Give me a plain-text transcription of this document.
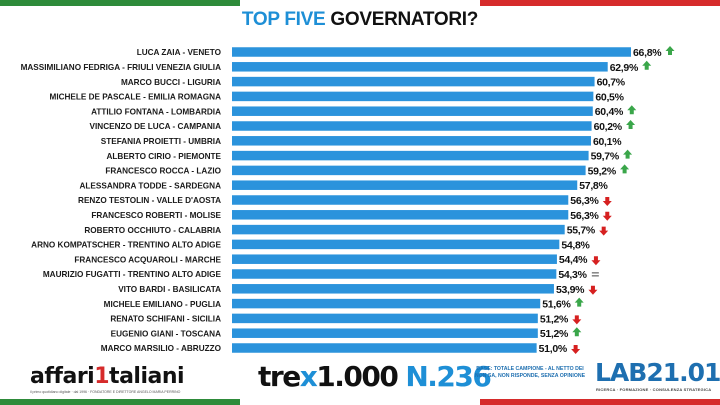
TOP FIVE GOVERNATORI?
LUCA ZAIA - VENETO	66,8%
MASSIMILIANO FEDRIGA - FRIULI VENEZIA GIULIA	62,9%
MARCO BUCCI - LIGURIA	60,7%
MICHELE DE PASCALE - EMILIA ROMAGNA	60,5%
ATTILIO FONTANA - LOMBARDIA	60,4%
VINCENZO DE LUCA - CAMPANIA	60,2%
STEFANIA PROIETTI - UMBRIA	60,1%
ALBERTO CIRIO - PIEMONTE	59,7%
FRANCESCO ROCCA - LAZIO	59,2%
ALESSANDRA TODDE - SARDEGNA	57,8%
RENZO TESTOLIN - VALLE D'AOSTA	56,3%
FRANCESCO ROBERTI - MOLISE	56,3%
ROBERTO OCCHIUTO - CALABRIA	55,7%
ARNO KOMPATSCHER - TRENTINO ALTO ADIGE	54,8%
FRANCESCO ACQUAROLI - MARCHE	54,4%
MAURIZIO FUGATTI - TRENTINO ALTO ADIGE	54,3%
VITO BARDI - BASILICATA	53,9%
MICHELE EMILIANO - PUGLIA	51,6%
RENATO SCHIFANI - SICILIA	51,2%
EUGENIO GIANI - TOSCANA	51,2%
MARCO MARSILIO - ABRUZZO	51,0%
affari1taliani
il primo quotidiano digitale · dal 1996 · FONDATORE E DIRETTORE ANGELO MARIA PERRINO	trex1.000 N.236
BASE: TOTALE CAMPIONE - AL NETTO DEI NON SA, NON RISPONDE, SENZA OPINIONE LAB21.01
RICERCA · FORMAZIONE · CONSULENZA STRATEGICA
